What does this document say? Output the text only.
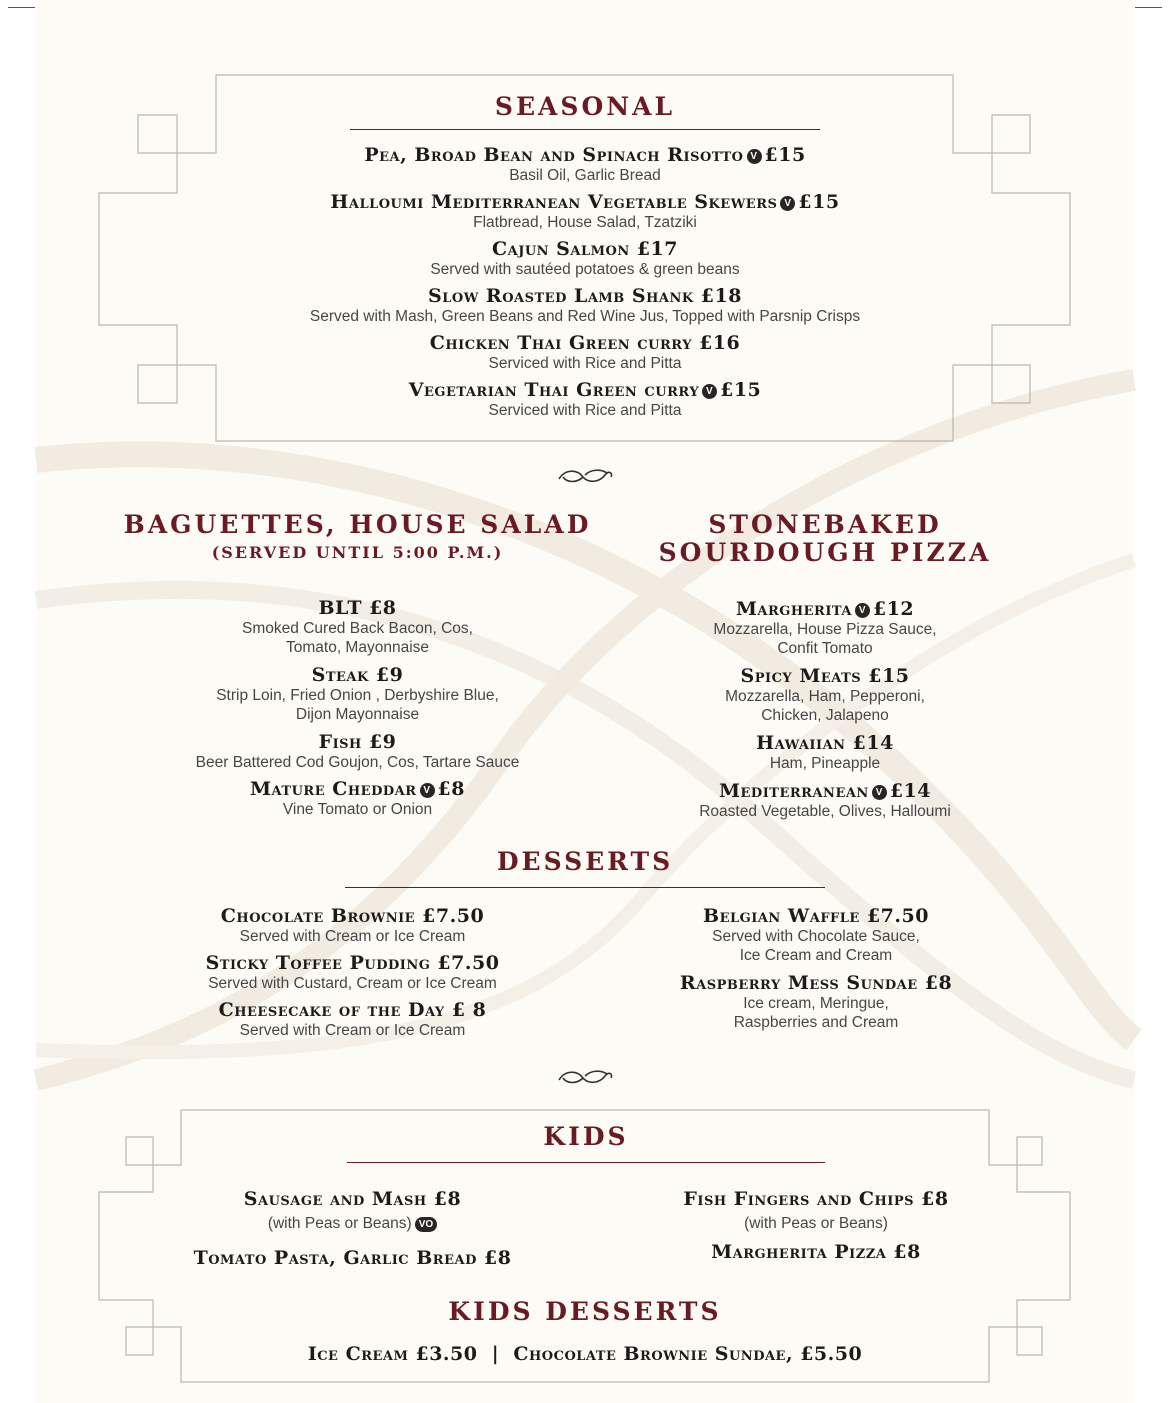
SEASONAL
Pea, Broad Bean and Spinach Risotto V £15
Basil Oil, Garlic Bread
Halloumi Mediterranean Vegetable Skewers V £15
Flatbread, House Salad, Tzatziki
Cajun Salmon £17
Served with sautéed potatoes & green beans
Slow Roasted Lamb Shank £18
Served with Mash, Green Beans and Red Wine Jus, Topped with Parsnip Crisps
Chicken Thai Green curry £16
Serviced with Rice and Pitta
Vegetarian Thai Green curry V £15
Serviced with Rice and Pitta
BAGUETTES, HOUSE SALAD
(SERVED UNTIL 5:00 P.M.)
BLT £8
Smoked Cured Back Bacon, Cos,
Tomato, Mayonnaise
Steak £9
Strip Loin, Fried Onion , Derbyshire Blue,
Dijon Mayonnaise
Fish £9
Beer Battered Cod Goujon, Cos, Tartare Sauce
Mature Cheddar V £8
Vine Tomato or Onion
STONEBAKED
SOURDOUGH PIZZA
Margherita V £12
Mozzarella, House Pizza Sauce,
Confit Tomato
Spicy Meats £15
Mozzarella, Ham, Pepperoni,
Chicken, Jalapeno
Hawaiian £14
Ham, Pineapple
Mediterranean V £14
Roasted Vegetable, Olives, Halloumi
DESSERTS
Chocolate Brownie £7.50
Served with Cream or Ice Cream
Sticky Toffee Pudding £7.50
Served with Custard, Cream or Ice Cream
Cheesecake of the Day £ 8
Served with Cream or Ice Cream
Belgian Waffle £7.50
Served with Chocolate Sauce,
Ice Cream and Cream
Raspberry Mess Sundae £8
Ice cream, Meringue,
Raspberries and Cream
KIDS
Sausage and Mash £8
(with Peas or Beans) VO
Tomato Pasta, Garlic Bread £8
Fish Fingers and Chips £8
(with Peas or Beans)
Margherita Pizza £8
KIDS DESSERTS
Ice Cream £3.50  |  Chocolate Brownie Sundae, £5.50
